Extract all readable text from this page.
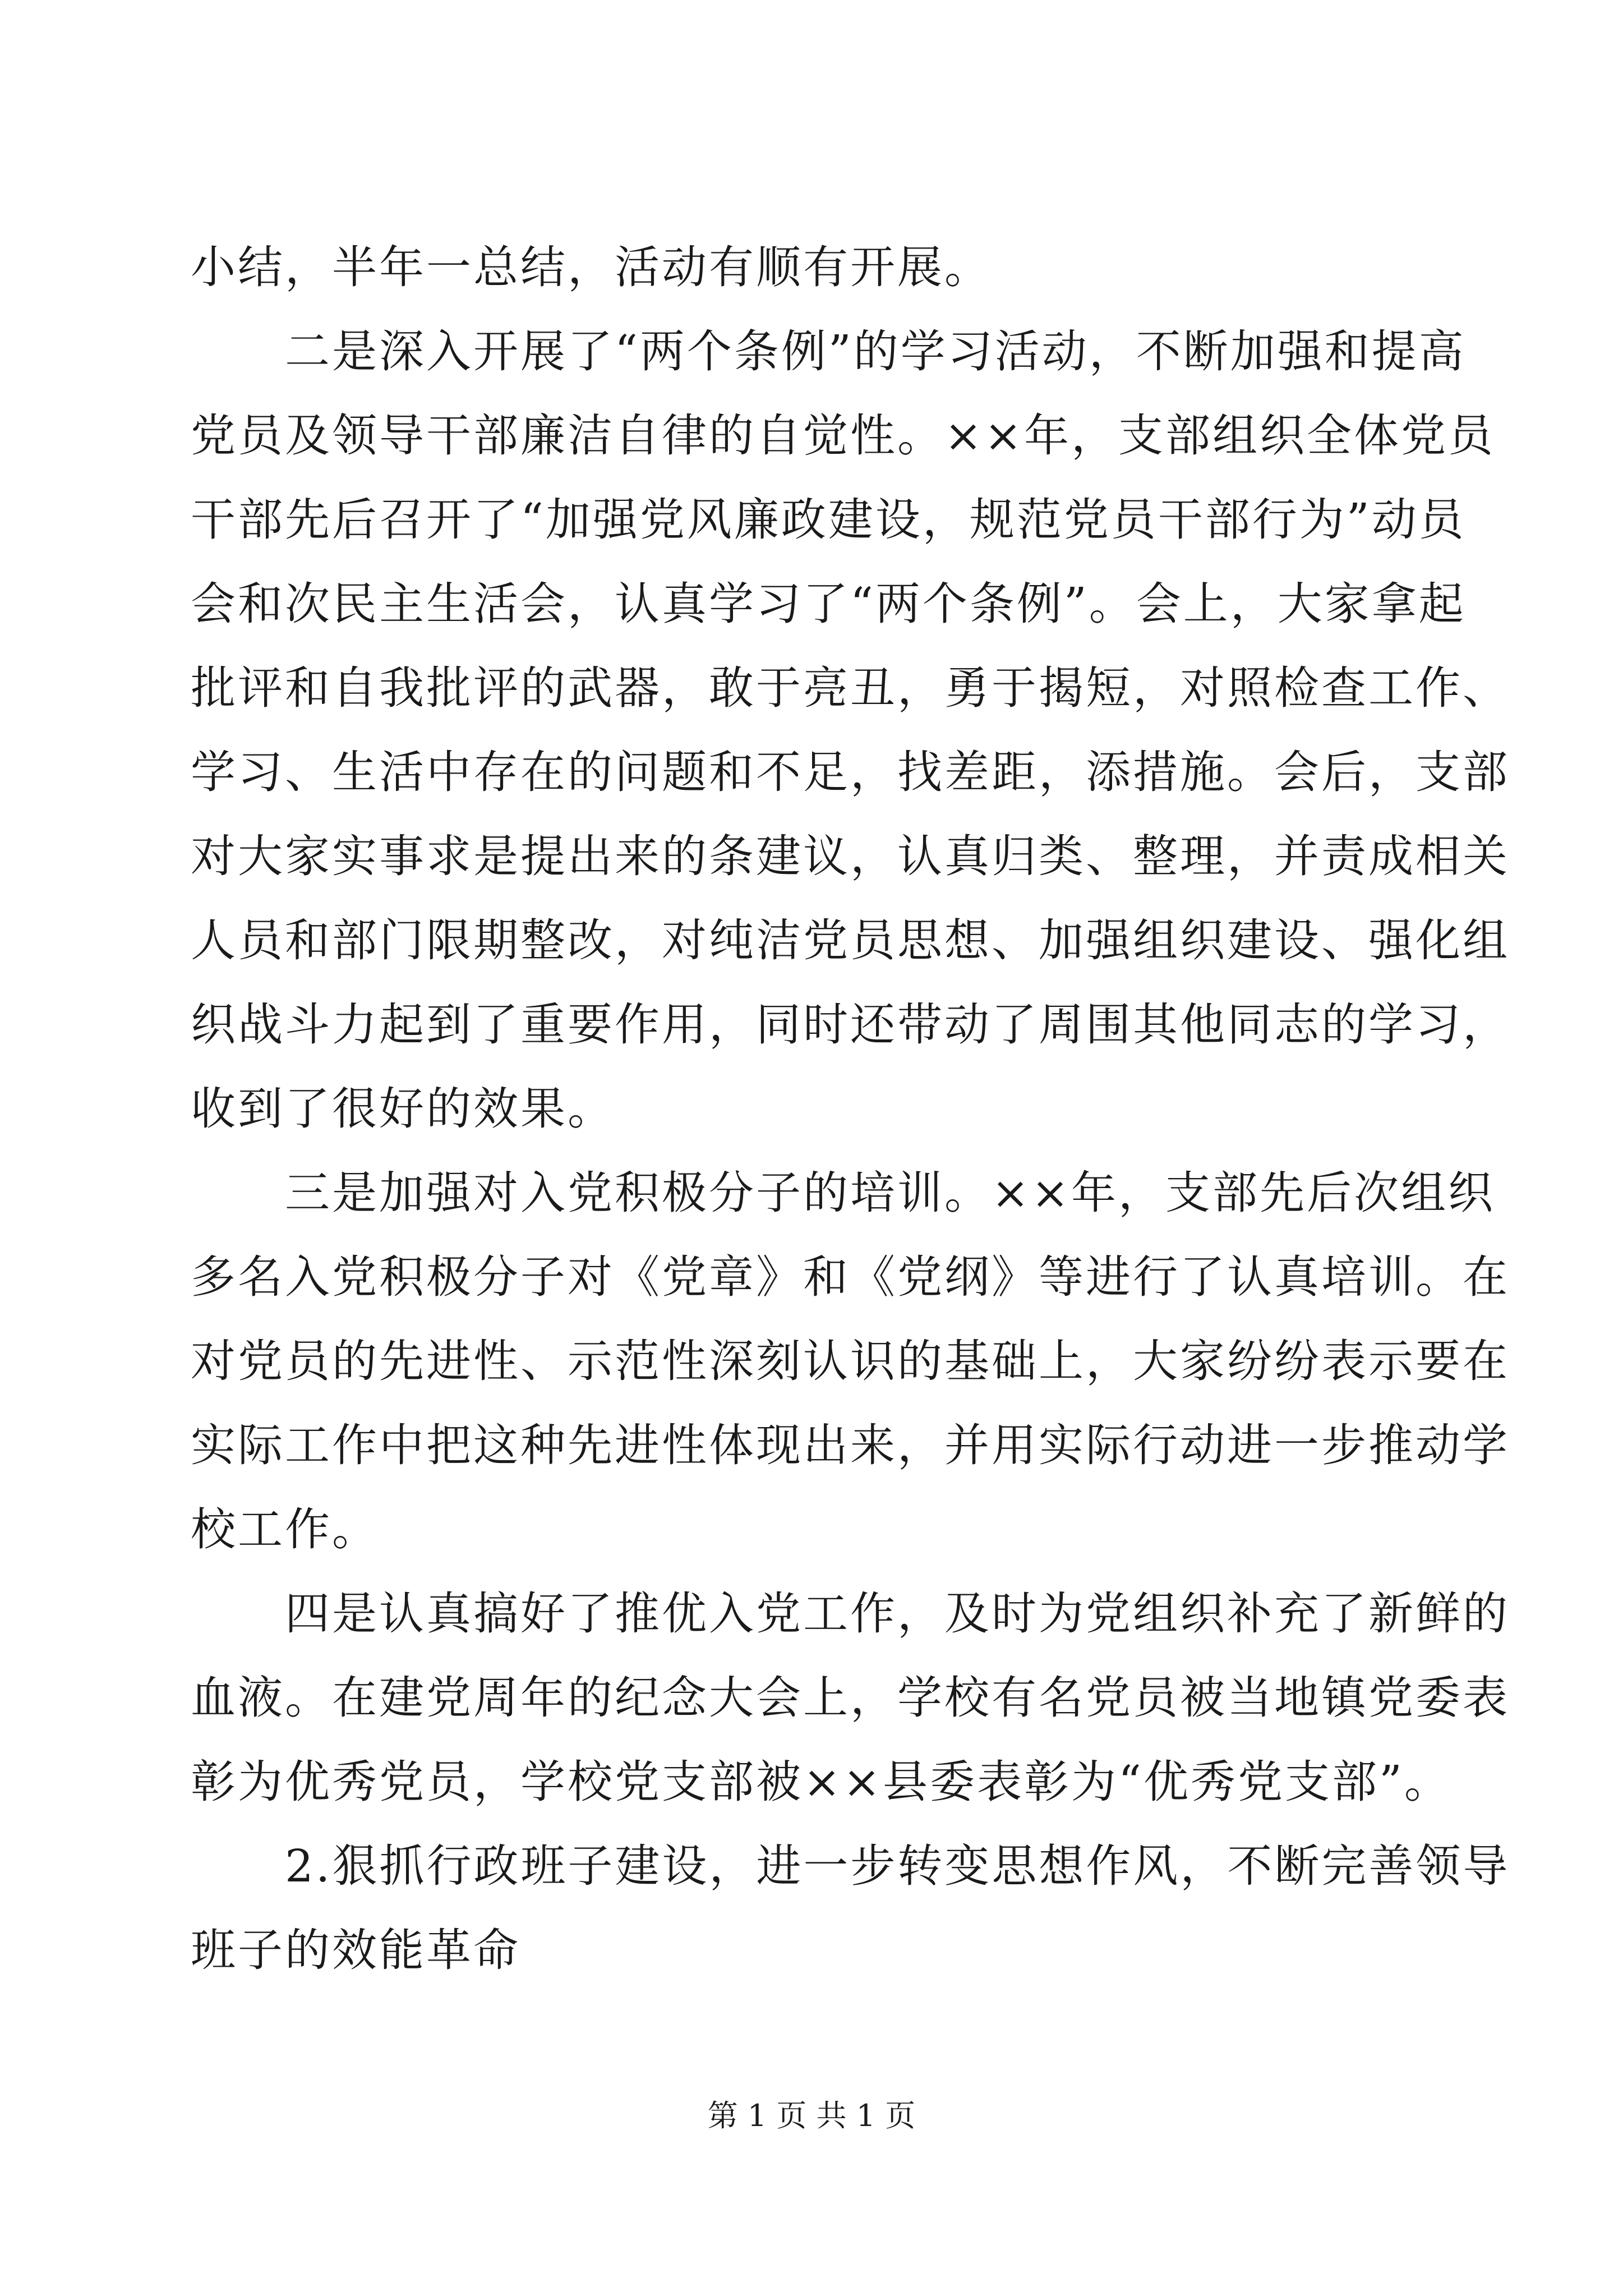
小结，半年一总结，活动有顺有开展。
二是深入开展了“两个条例”的学习活动，不断加强和提高
党员及领导干部廉洁自律的自觉性。××年，支部组织全体党员
干部先后召开了“加强党风廉政建设，规范党员干部行为”动员
会和次民主生活会，认真学习了“两个条例”。会上，大家拿起
批评和自我批评的武器，敢于亮丑，勇于揭短，对照检查工作、
学习、生活中存在的问题和不足，找差距，添措施。会后，支部
对大家实事求是提出来的条建议，认真归类、整理，并责成相关
人员和部门限期整改，对纯洁党员思想、加强组织建设、强化组
织战斗力起到了重要作用，同时还带动了周围其他同志的学习，
收到了很好的效果。
三是加强对入党积极分子的培训。××年，支部先后次组织
多名入党积极分子对《党章》和《党纲》等进行了认真培训。在
对党员的先进性、示范性深刻认识的基础上，大家纷纷表示要在
实际工作中把这种先进性体现出来，并用实际行动进一步推动学
校工作。
四是认真搞好了推优入党工作，及时为党组织补充了新鲜的
血液。在建党周年的纪念大会上，学校有名党员被当地镇党委表
彰为优秀党员，学校党支部被××县委表彰为“优秀党支部”。
2.狠抓行政班子建设，进一步转变思想作风，不断完善领导
班子的效能革命
第 1 页 共 1 页
